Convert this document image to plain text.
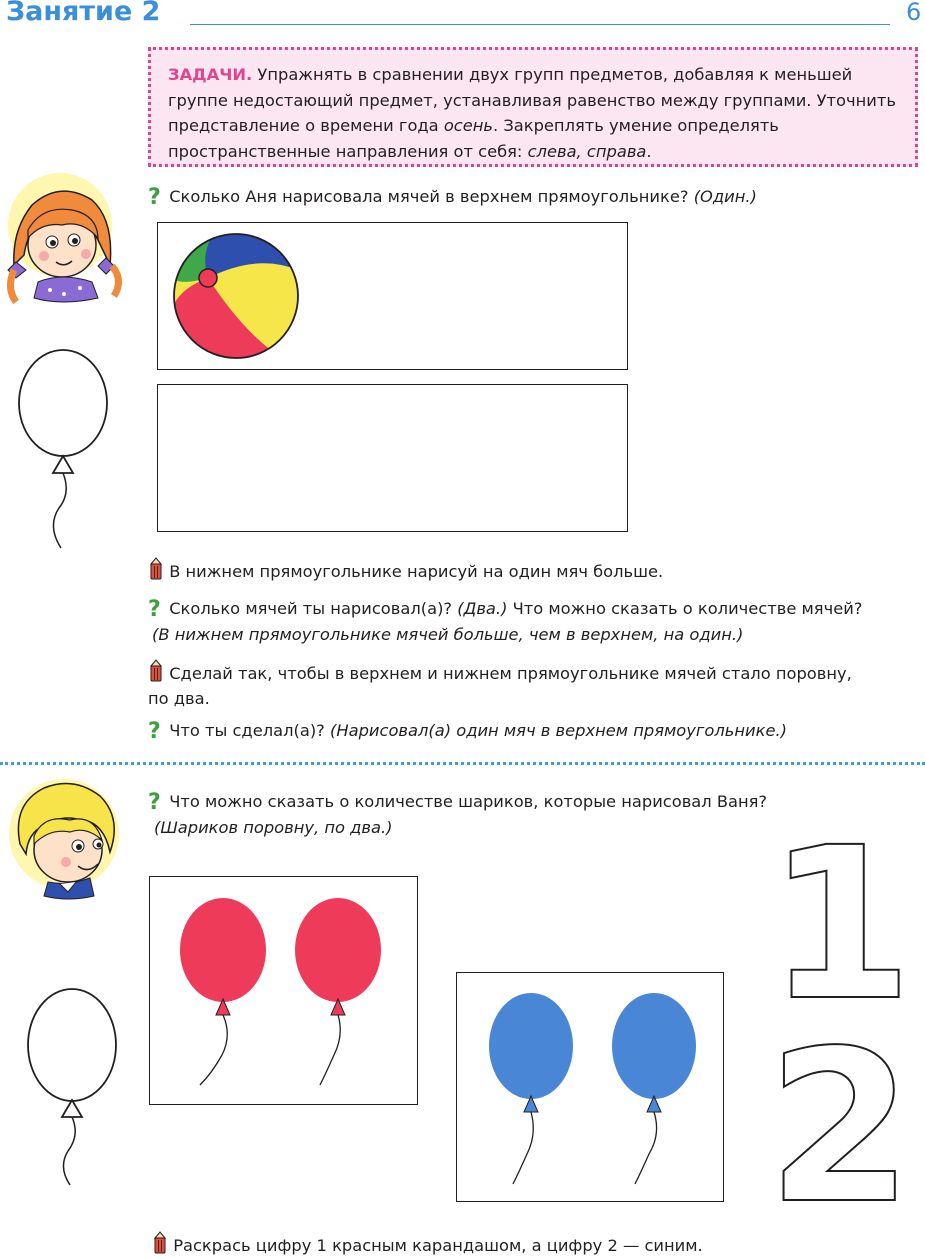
Занятие 2	6
ЗАДАЧИ. Упражнять в сравнении двух групп предметов, добавляя к меньшей группе недостающий предмет, устанавливая равенство между группами. Уточнить представление о времени года осень. Закреплять умение определять пространственные направления от себя: слева, справа.
? Сколько Аня нарисовала мячей в верхнем прямоугольнике? (Один.)
В нижнем прямоугольнике нарисуй на один мяч больше.
? Сколько мячей ты нарисовал(а)? (Два.) Что можно сказать о количестве мячей?
(В нижнем прямоугольнике мячей больше, чем в верхнем, на один.)
Сделай так, чтобы в верхнем и нижнем прямоугольнике мячей стало поровну,
по два.
? Что ты сделал(а)? (Нарисовал(а) один мяч в верхнем прямоугольнике.)
? Что можно сказать о количестве шариков, которые нарисовал Ваня?
(Шариков поровну, по два.) 1
2
Раскрась цифру 1 красным карандашом, а цифру 2 — синим.
